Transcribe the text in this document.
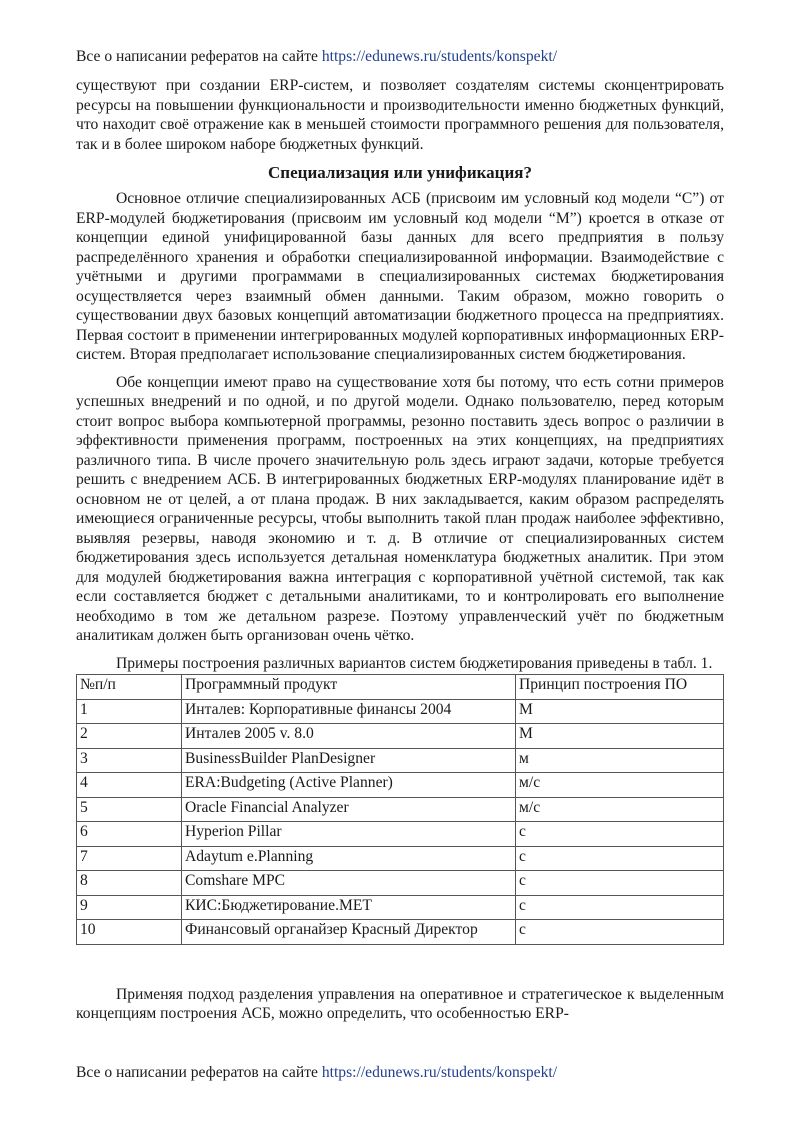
Все о написании рефератов на сайте https://edunews.ru/students/konspekt/

существуют при создании ERP-систем, и позволяет создателям системы сконцентрировать ресурсы на повышении функциональности и производительности именно бюджетных функций, что находит своё отражение как в меньшей стоимости программного решения для пользователя, так и в более широком наборе бюджетных функций.

Специализация или унификация?

Основное отличие специализированных АСБ (присвоим им условный код модели “С”) от ERP-модулей бюджетирования (присвоим им условный код модели “М”) кроется в отказе от концепции единой унифицированной базы данных для всего предприятия в пользу распределённого хранения и обработки специализированной информации. Взаимодействие с учётными и другими программами в специализированных системах бюджетирования осуществляется через взаимный обмен данными. Таким образом, можно говорить о существовании двух базовых концепций автоматизации бюджетного процесса на предприятиях. Первая состоит в применении интегрированных модулей корпоративных информационных ERP-систем. Вторая предполагает использование специализированных систем бюджетирования.

Обе концепции имеют право на существование хотя бы потому, что есть сотни примеров успешных внедрений и по одной, и по другой модели. Однако пользователю, перед которым стоит вопрос выбора компьютерной программы, резонно поставить здесь вопрос о различии в эффективности применения программ, построенных на этих концепциях, на предприятиях различного типа. В числе прочего значительную роль здесь играют задачи, которые требуется решить с внедрением АСБ. В интегрированных бюджетных ERP-модулях планирование идёт в основном не от целей, а от плана продаж. В них закладывается, каким образом распределять имеющиеся ограниченные ресурсы, чтобы выполнить такой план продаж наиболее эффективно, выявляя резервы, наводя экономию и т. д. В отличие от специализированных систем бюджетирования здесь используется детальная номенклатура бюджетных аналитик. При этом для модулей бюджетирования важна интеграция с корпоративной учётной системой, так как если составляется бюджет с детальными аналитиками, то и контролировать его выполнение необходимо в том же детальном разрезе. Поэтому управленческий учёт по бюджетным аналитикам должен быть организован очень чётко.

Примеры построения различных вариантов систем бюджетирования приведены в табл. 1.

№п/п	Программный продукт	Принцип построения ПО
1	Инталев: Корпоративные финансы 2004	М
2	Инталев 2005 v. 8.0	М
3	BusinessBuilder PlanDesigner	м
4	ERA:Budgeting (Active Planner)	м/с
5	Oracle Financial Analyzer	м/с
6	Hyperion Pillar	с
7	Adaytum e.Planning	с
8	Comshare MPC	с
9	КИС:Бюджетирование.MET	с
10	Финансовый органайзер Красный Директор	с

Применяя подход разделения управления на оперативное и стратегическое к выделенным концепциям построения АСБ, можно определить, что особенностью ERP-

Все о написании рефератов на сайте https://edunews.ru/students/konspekt/
